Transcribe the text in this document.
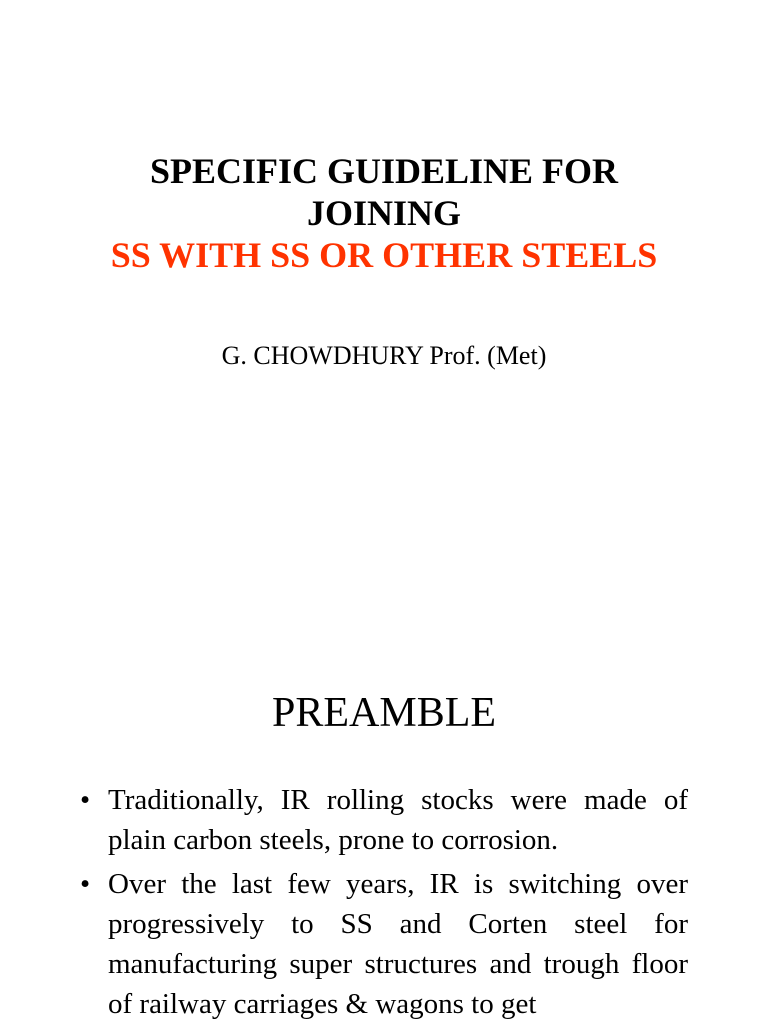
SPECIFIC GUIDELINE FOR

JOINING

SS WITH SS OR OTHER STEELS

G. CHOWDHURY Prof. (Met)
PREAMBLE
• Traditionally, IR rolling stocks were made of plain carbon steels, prone to corrosion.
• Over the last few years, IR is switching over progressively to SS and Corten steel for manufacturing super structures and trough floor of railway carriages & wagons to get
